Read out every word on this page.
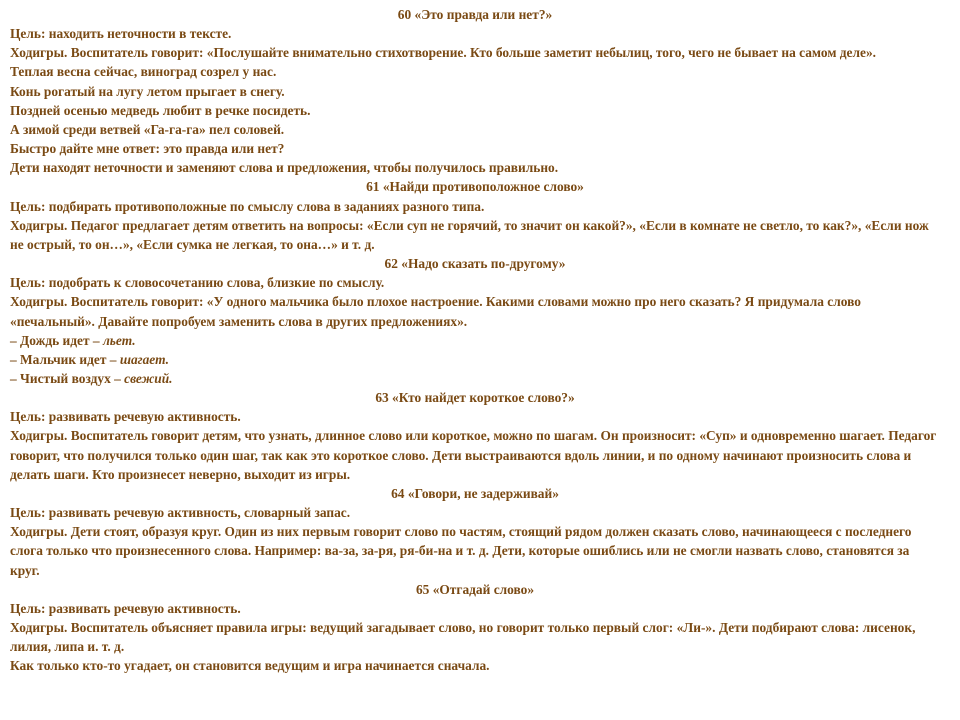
60 «Это правда или нет?»
Цель: находить неточности в тексте.
Ходигры. Воспитатель говорит: «Послушайте внимательно стихотворение. Кто больше заметит небылиц, того, чего не бывает на самом деле».
Теплая весна сейчас, виноград созрел у нас.
Конь рогатый на лугу летом прыгает в снегу.
Поздней осенью медведь любит в речке посидеть.
А зимой среди ветвей «Га-га-га» пел соловей.
Быстро дайте мне ответ: это правда или нет?
Дети находят неточности и заменяют слова и предложения, чтобы получилось правильно.
61 «Найди противоположное слово»
Цель: подбирать противоположные по смыслу слова в заданиях разного типа.
Ходигры. Педагог предлагает детям ответить на вопросы: «Если суп не горячий, то значит он какой?», «Если в комнате не светло, то как?», «Если нож не острый, то он…», «Если сумка не легкая, то она…» и т. д.
62 «Надо сказать по-другому»
Цель: подобрать к словосочетанию слова, близкие по смыслу.
Ходигры. Воспитатель говорит: «У одного мальчика было плохое настроение. Какими словами можно про него сказать? Я придумала слово «печальный». Давайте попробуем заменить слова в других предложениях».
– Дождь идет – льет.
– Мальчик идет – шагает.
– Чистый воздух – свежий.
63 «Кто найдет короткое слово?»
Цель: развивать речевую активность.
Ходигры. Воспитатель говорит детям, что узнать, длинное слово или короткое, можно по шагам. Он произносит: «Суп» и одновременно шагает. Педагог говорит, что получился только один шаг, так как это короткое слово. Дети выстраиваются вдоль линии, и по одному начинают произносить слова и делать шаги. Кто произнесет неверно, выходит из игры.
64 «Говори, не задерживай»
Цель: развивать речевую активность, словарный запас.
Ходигры. Дети стоят, образуя круг. Один из них первым говорит слово по частям, стоящий рядом должен сказать слово, начинающееся с последнего слога только что произнесенного слова. Например: ва-за, за-ря, ря-би-на и т. д. Дети, которые ошиблись или не смогли назвать слово, становятся за круг.
65 «Отгадай слово»
Цель: развивать речевую активность.
Ходигры. Воспитатель объясняет правила игры: ведущий загадывает слово, но говорит только первый слог: «Ли-». Дети подбирают слова: лисенок, лилия, липа и. т. д.
Как только кто-то угадает, он становится ведущим и игра начинается сначала.
